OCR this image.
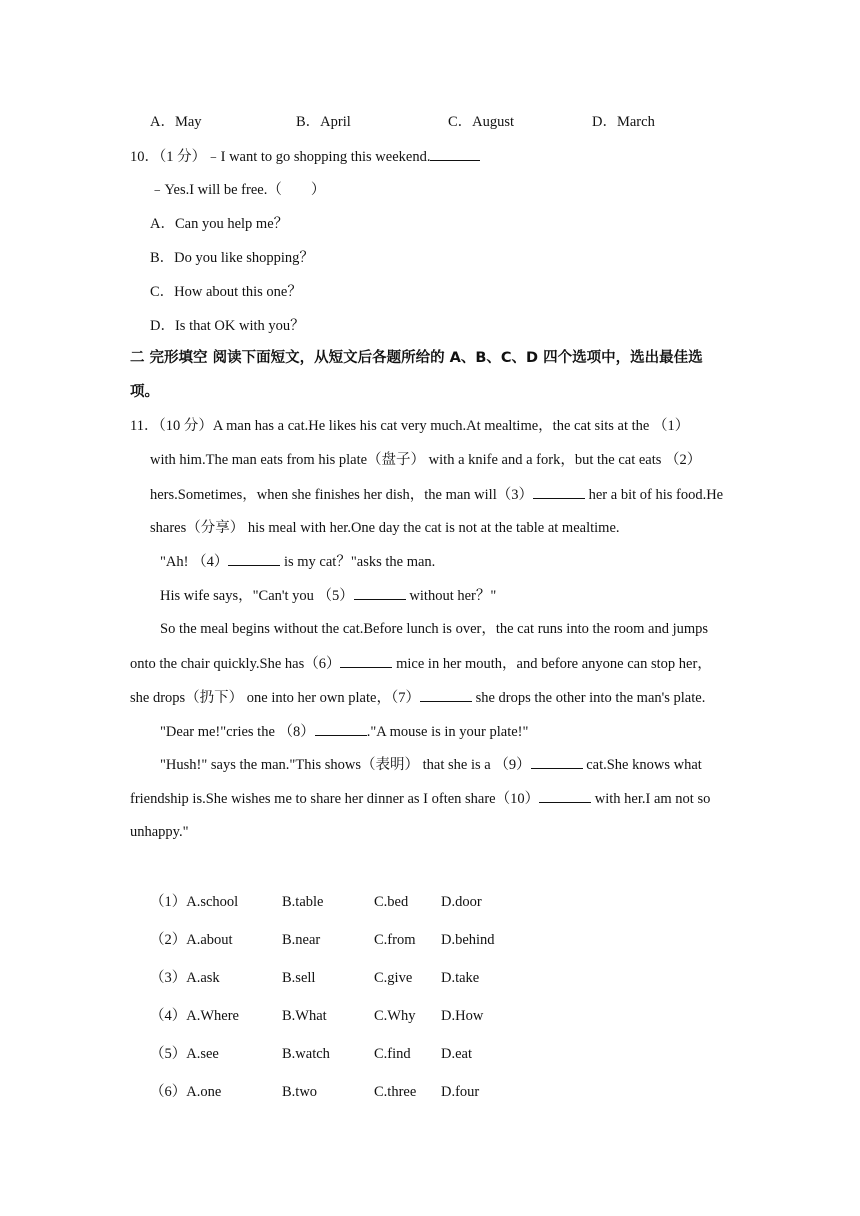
A．May	B．April	C．August	D．March
10．（1 分）﹣I want to go shopping this weekend.
﹣Yes.I will be free.（　　）
A．Can you help me？
B．Do you like shopping？
C．How about this one？
D．Is that OK with you？
二 完形填空 阅读下面短文，从短文后各题所给的 A、B、C、D 四个选项中，选出最佳选
项。
11．（10 分）A man has a cat.He likes his cat very much.At mealtime，the cat sits at the （1）
with him.The man eats from his plate（盘子） with a knife and a fork，but the cat eats （2）
hers.Sometimes，when she finishes her dish，the man will（3）	her a bit of his food.He
shares（分享） his meal with her.One day the cat is not at the table at mealtime.
"Ah! （4）	is my cat？"asks the man.
His wife says，"Can't you （5）	without her？"
So the meal begins without the cat.Before lunch is over，the cat runs into the room and jumps
onto the chair quickly.She has（6）	mice in her mouth，and before anyone can stop her，
she drops（扔下） one into her own plate，（7）	she drops the other into the man's plate.
"Dear me!"cries the （8）	."A mouse is in your plate!"
"Hush!" says the man."This shows（表明） that she is a （9）	cat.She knows what
friendship is.She wishes me to share her dinner as I often share（10）	with her.I am not so
unhappy."
（1）A.school	B.table	C.bed D.door
（2）A.about	B.near	C.from D.behind
（3）A.ask	B.sell	C.give D.take
（4）A.Where	B.What	C.Why D.How
（5）A.see	B.watch	C.find D.eat
（6）A.one	B.two	C.three D.four
